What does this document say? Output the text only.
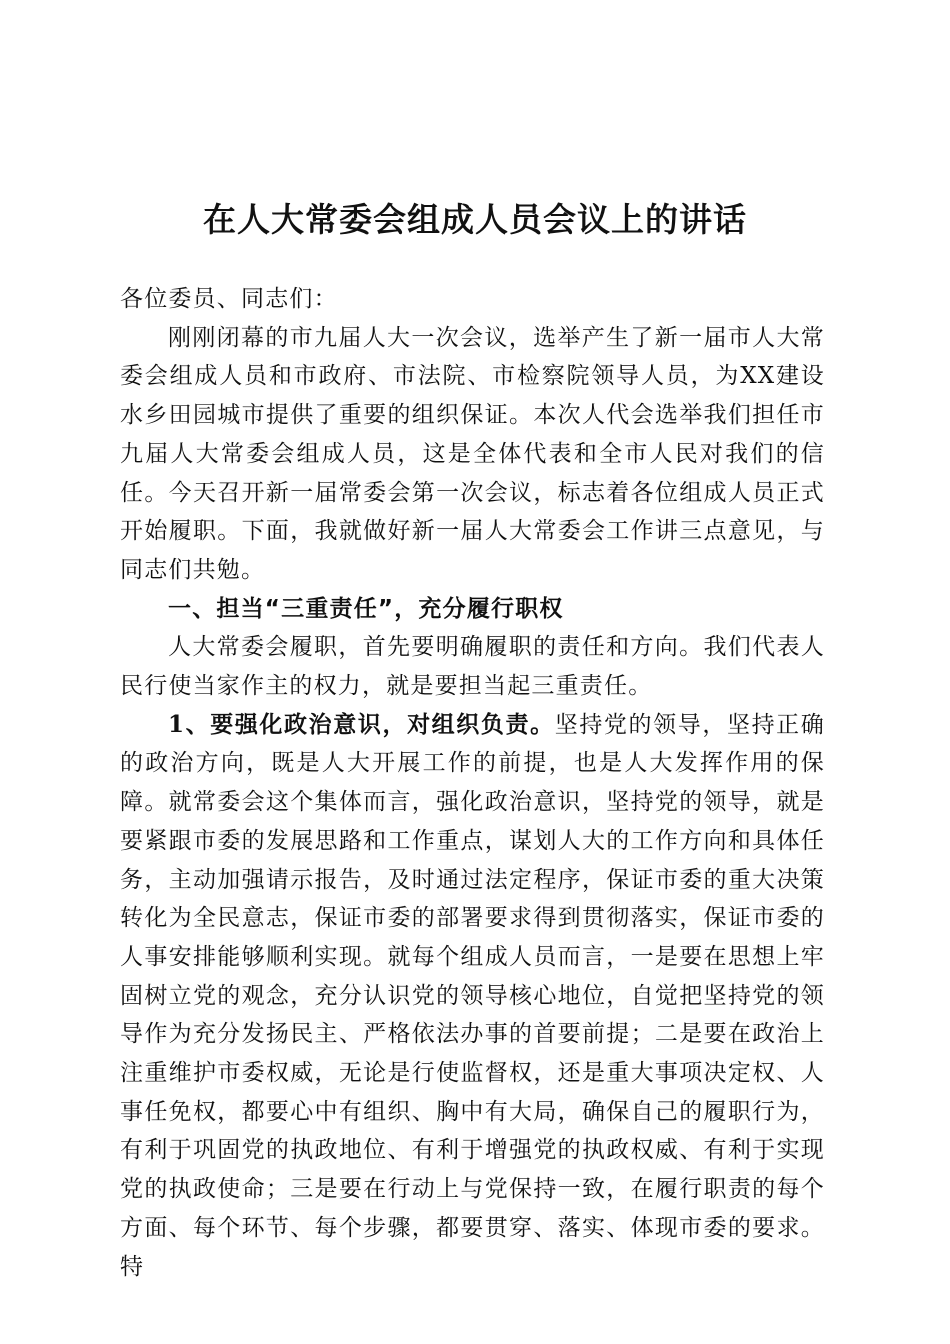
在人大常委会组成人员会议上的讲话

各位委员、同志们：

刚刚闭幕的市九届人大一次会议，选举产生了新一届市人大常委会组成人员和市政府、市法院、市检察院领导人员，为XX建设水乡田园城市提供了重要的组织保证。本次人代会选举我们担任市九届人大常委会组成人员，这是全体代表和全市人民对我们的信任。今天召开新一届常委会第一次会议，标志着各位组成人员正式开始履职。下面，我就做好新一届人大常委会工作讲三点意见，与同志们共勉。

一、担当“三重责任”，充分履行职权

人大常委会履职，首先要明确履职的责任和方向。我们代表人民行使当家作主的权力，就是要担当起三重责任。

1、要强化政治意识，对组织负责。坚持党的领导，坚持正确的政治方向，既是人大开展工作的前提，也是人大发挥作用的保障。就常委会这个集体而言，强化政治意识，坚持党的领导，就是要紧跟市委的发展思路和工作重点，谋划人大的工作方向和具体任务，主动加强请示报告，及时通过法定程序，保证市委的重大决策转化为全民意志，保证市委的部署要求得到贯彻落实，保证市委的人事安排能够顺利实现。就每个组成人员而言，一是要在思想上牢固树立党的观念，充分认识党的领导核心地位，自觉把坚持党的领导作为充分发扬民主、严格依法办事的首要前提；二是要在政治上注重维护市委权威，无论是行使监督权，还是重大事项决定权、人事任免权，都要心中有组织、胸中有大局，确保自己的履职行为，有利于巩固党的执政地位、有利于增强党的执政权威、有利于实现党的执政使命；三是要在行动上与党保持一致，在履行职责的每个方面、每个环节、每个步骤，都要贯穿、落实、体现市委的要求。特
